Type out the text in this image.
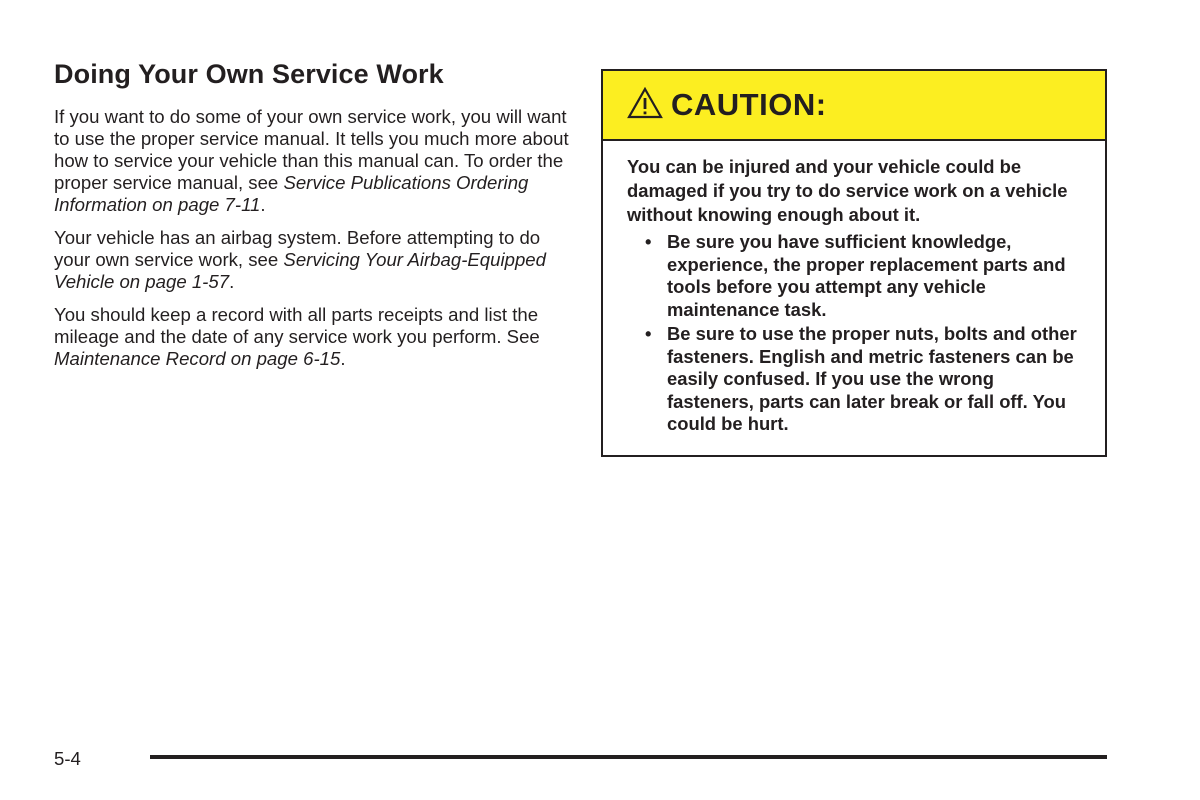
Doing Your Own Service Work

If you want to do some of your own service work, you will want to use the proper service manual. It tells you much more about how to service your vehicle than this manual can. To order the proper service manual, see Service Publications Ordering Information on page 7-11.

Your vehicle has an airbag system. Before attempting to do your own service work, see Servicing Your Airbag-Equipped Vehicle on page 1-57.

You should keep a record with all parts receipts and list the mileage and the date of any service work you perform. See Maintenance Record on page 6-15.

CAUTION:

You can be injured and your vehicle could be damaged if you try to do service work on a vehicle without knowing enough about it.

• Be sure you have sufficient knowledge, experience, the proper replacement parts and tools before you attempt any vehicle maintenance task.
• Be sure to use the proper nuts, bolts and other fasteners. English and metric fasteners can be easily confused. If you use the wrong fasteners, parts can later break or fall off. You could be hurt.
5-4
